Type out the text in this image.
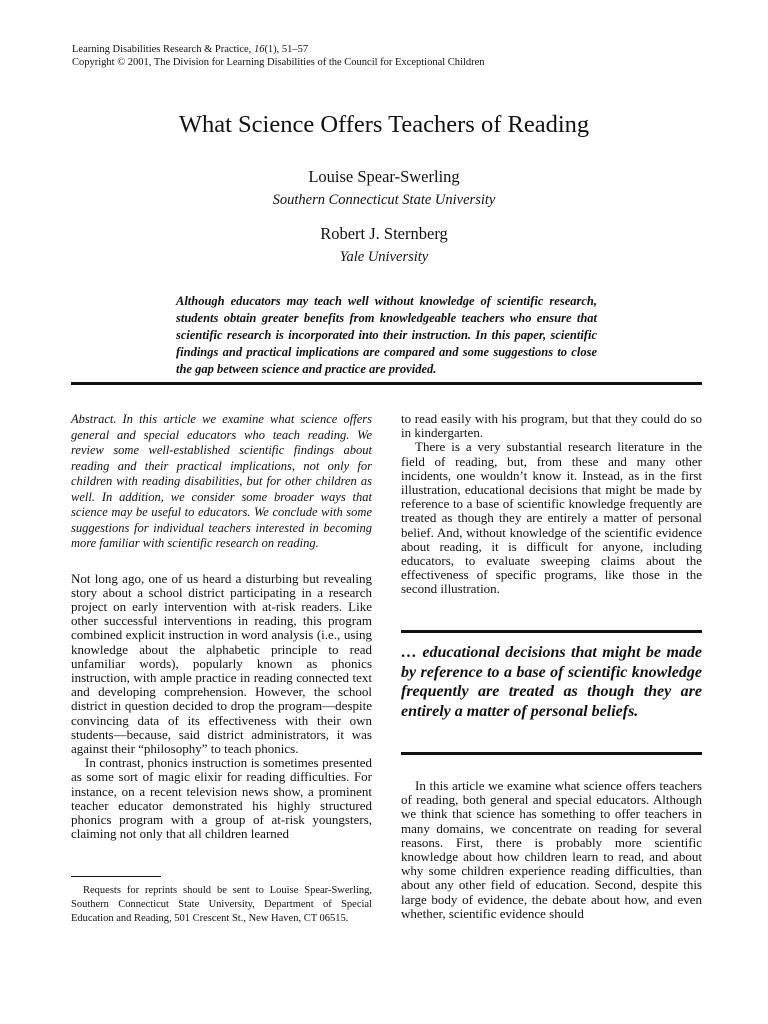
Learning Disabilities Research & Practice, 16(1), 51–57
Copyright © 2001, The Division for Learning Disabilities of the Council for Exceptional Children
What Science Offers Teachers of Reading
Louise Spear-Swerling
Southern Connecticut State University
Robert J. Sternberg
Yale University
Although educators may teach well without knowledge of scientific research, students obtain greater benefits from knowledgeable teachers who ensure that scientific research is incorporated into their instruction. In this paper, scientific findings and practical implications are compared and some suggestions to close the gap between science and practice are provided.

Abstract. In this article we examine what science offers general and special educators who teach reading. We review some well-established scientific findings about reading and their practical implications, not only for children with reading disabilities, but for other children as well. In addition, we consider some broader ways that science may be useful to educators. We conclude with some suggestions for individual teachers interested in becoming more familiar with scientific research on reading.

Not long ago, one of us heard a disturbing but revealing story about a school district participating in a research project on early intervention with at-risk readers. Like other successful interventions in reading, this program combined explicit instruction in word analysis (i.e., using knowledge about the alphabetic principle to read unfamiliar words), popularly known as phonics instruction, with ample practice in reading connected text and developing comprehension. However, the school district in question decided to drop the program—despite convincing data of its effectiveness with their own students—because, said district administrators, it was against their “philosophy” to teach phonics.

In contrast, phonics instruction is sometimes presented as some sort of magic elixir for reading difficulties. For instance, on a recent television news show, a prominent teacher educator demonstrated his highly structured phonics program with a group of at-risk youngsters, claiming not only that all children learned

Requests for reprints should be sent to Louise Spear-Swerling, Southern Connecticut State University, Department of Special Education and Reading, 501 Crescent St., New Haven, CT 06515.

to read easily with his program, but that they could do so in kindergarten.

There is a very substantial research literature in the field of reading, but, from these and many other incidents, one wouldn’t know it. Instead, as in the first illustration, educational decisions that might be made by reference to a base of scientific knowledge frequently are treated as though they are entirely a matter of personal belief. And, without knowledge of the scientific evidence about reading, it is difficult for anyone, including educators, to evaluate sweeping claims about the effectiveness of specific programs, like those in the second illustration.

… educational decisions that might be made by reference to a base of scientific knowledge frequently are treated as though they are entirely a matter of personal beliefs.

In this article we examine what science offers teachers of reading, both general and special educators. Although we think that science has something to offer teachers in many domains, we concentrate on reading for several reasons. First, there is probably more scientific knowledge about how children learn to read, and about why some children experience reading difficulties, than about any other field of education. Second, despite this large body of evidence, the debate about how, and even whether, scientific evidence should
